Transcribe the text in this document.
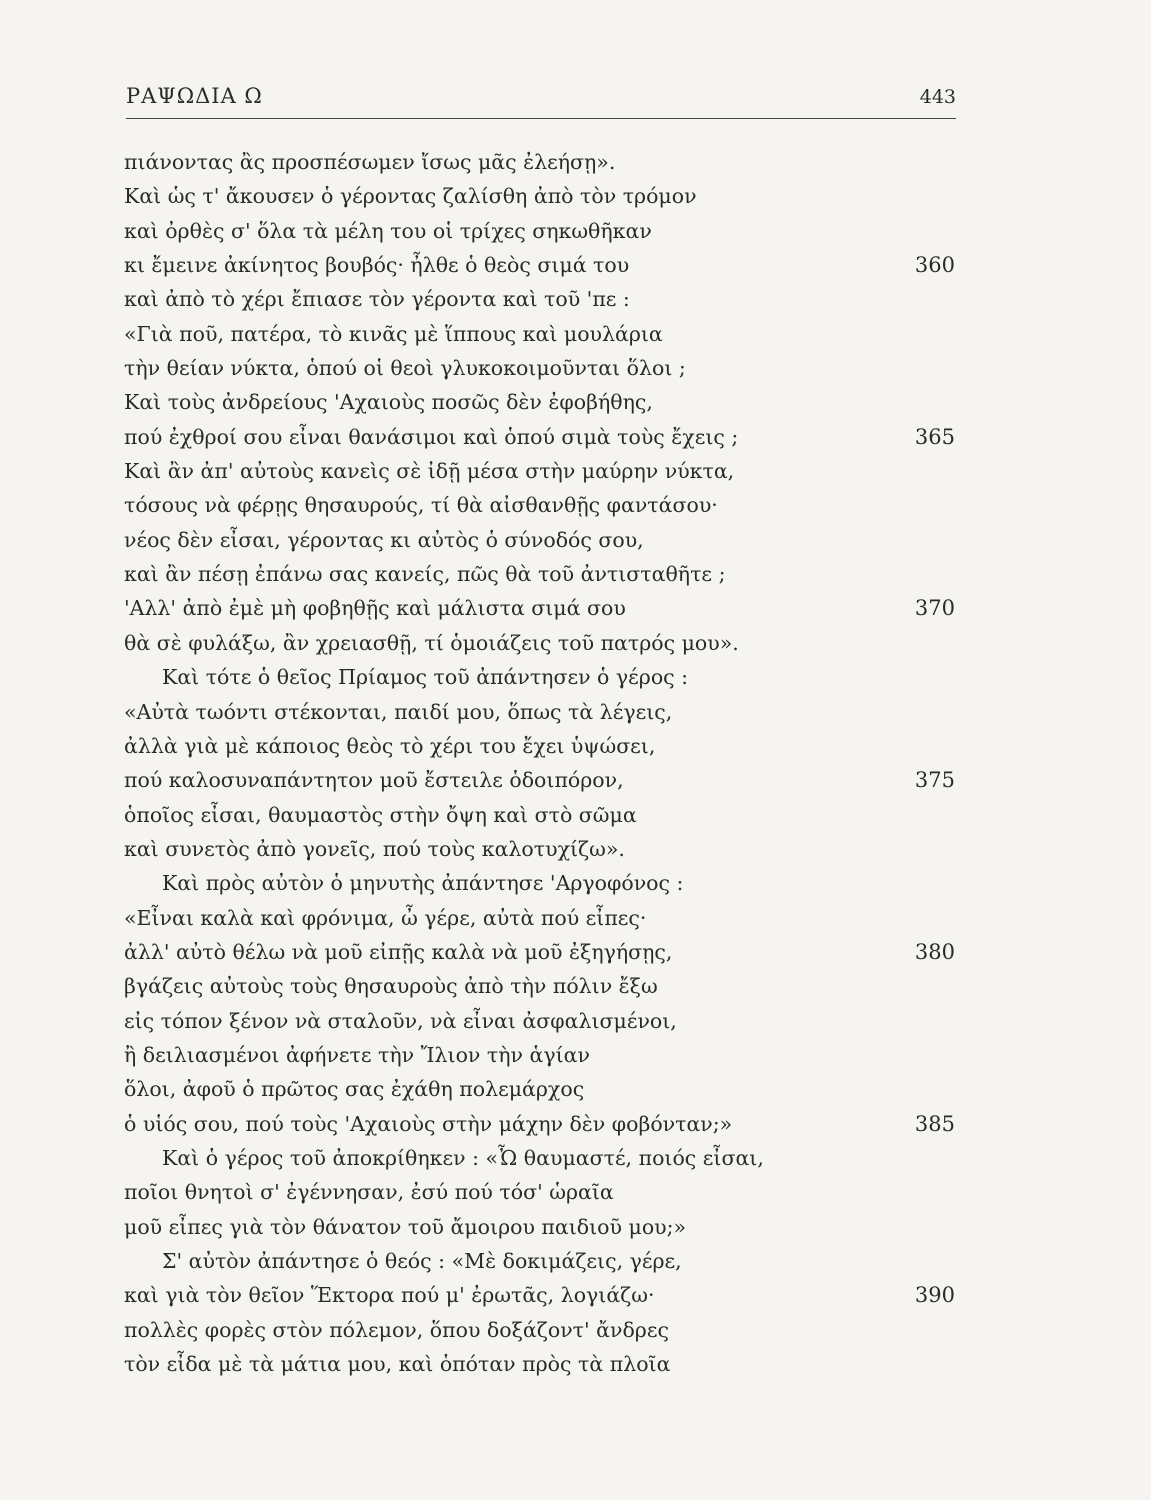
ΡΑΨΩΔΙΑ Ω	443
πιάνοντας ἂς προσπέσωμεν ἴσως μᾶς ἐλεήσῃ».
Καὶ ὡς τ' ἄκουσεν ὁ γέροντας ζαλίσθη ἀπὸ τὸν τρόμον
καὶ ὀρθὲς σ' ὅλα τὰ μέλη του οἱ τρίχες σηκωθῆκαν
κι ἔμεινε ἀκίνητος βουβός· ἦλθε ὁ θεὸς σιμά του	360
καὶ ἀπὸ τὸ χέρι ἔπιασε τὸν γέροντα καὶ τοῦ 'πε :
«Γιὰ ποῦ, πατέρα, τὸ κινᾶς μὲ ἵππους καὶ μουλάρια
τὴν θείαν νύκτα, ὁπού οἱ θεοὶ γλυκοκοιμοῦνται ὅλοι ;
Καὶ τοὺς ἀνδρείους 'Αχαιοὺς ποσῶς δὲν ἐφοβήθης,
πού ἐχθροί σου εἶναι θανάσιμοι καὶ ὁπού σιμὰ τοὺς ἔχεις ;	365
Καὶ ἂν ἀπ' αὐτοὺς κανεὶς σὲ ἰδῇ μέσα στὴν μαύρην νύκτα,
τόσους νὰ φέρῃς θησαυρούς, τί θὰ αἰσθανθῇς φαντάσου·
νέος δὲν εἶσαι, γέροντας κι αὐτὸς ὁ σύνοδός σου,
καὶ ἂν πέσῃ ἐπάνω σας κανείς, πῶς θὰ τοῦ ἀντισταθῆτε ;
'Αλλ' ἀπὸ ἐμὲ μὴ φοβηθῇς καὶ μάλιστα σιμά σου	370
θὰ σὲ φυλάξω, ἂν χρειασθῇ, τί ὁμοιάζεις τοῦ πατρός μου».
Καὶ τότε ὁ θεῖος Πρίαμος τοῦ ἀπάντησεν ὁ γέρος :
«Αὐτὰ τωόντι στέκονται, παιδί μου, ὅπως τὰ λέγεις,
ἀλλὰ γιὰ μὲ κάποιος θεὸς τὸ χέρι του ἔχει ὑψώσει,
πού καλοσυναπάντητον μοῦ ἔστειλε ὁδοιπόρον,	375
ὁποῖος εἶσαι, θαυμαστὸς στὴν ὄψη καὶ στὸ σῶμα
καὶ συνετὸς ἀπὸ γονεῖς, πού τοὺς καλοτυχίζω».
Καὶ πρὸς αὐτὸν ὁ μηνυτὴς ἀπάντησε 'Αργοφόνος :
«Εἶναι καλὰ καὶ φρόνιμα, ὦ γέρε, αὐτὰ πού εἶπες·
ἀλλ' αὐτὸ θέλω νὰ μοῦ εἰπῇς καλὰ νὰ μοῦ ἐξηγήσῃς,	380
βγάζεις αὐτοὺς τοὺς θησαυροὺς ἀπὸ τὴν πόλιν ἔξω
εἰς τόπον ξένον νὰ σταλοῦν, νὰ εἶναι ἀσφαλισμένοι,
ἢ δειλιασμένοι ἀφήνετε τὴν Ἴλιον τὴν ἁγίαν
ὅλοι, ἀφοῦ ὁ πρῶτος σας ἐχάθη πολεμάρχος
ὁ υἱός σου, πού τοὺς 'Αχαιοὺς στὴν μάχην δὲν φοβόνταν;»	385
Καὶ ὁ γέρος τοῦ ἀποκρίθηκεν : «Ὦ θαυμαστέ, ποιός εἶσαι,
ποῖοι θνητοὶ σ' ἐγέννησαν, ἐσύ πού τόσ' ὡραῖα
μοῦ εἶπες γιὰ τὸν θάνατον τοῦ ἄμοιρου παιδιοῦ μου;»
Σ' αὐτὸν ἀπάντησε ὁ θεός : «Μὲ δοκιμάζεις, γέρε,
καὶ γιὰ τὸν θεῖον Ἕκτορα πού μ' ἐρωτᾶς, λογιάζω·	390
πολλὲς φορὲς στὸν πόλεμον, ὅπου δοξάζοντ' ἄνδρες
τὸν εἶδα μὲ τὰ μάτια μου, καὶ ὁπόταν πρὸς τὰ πλοῖα
